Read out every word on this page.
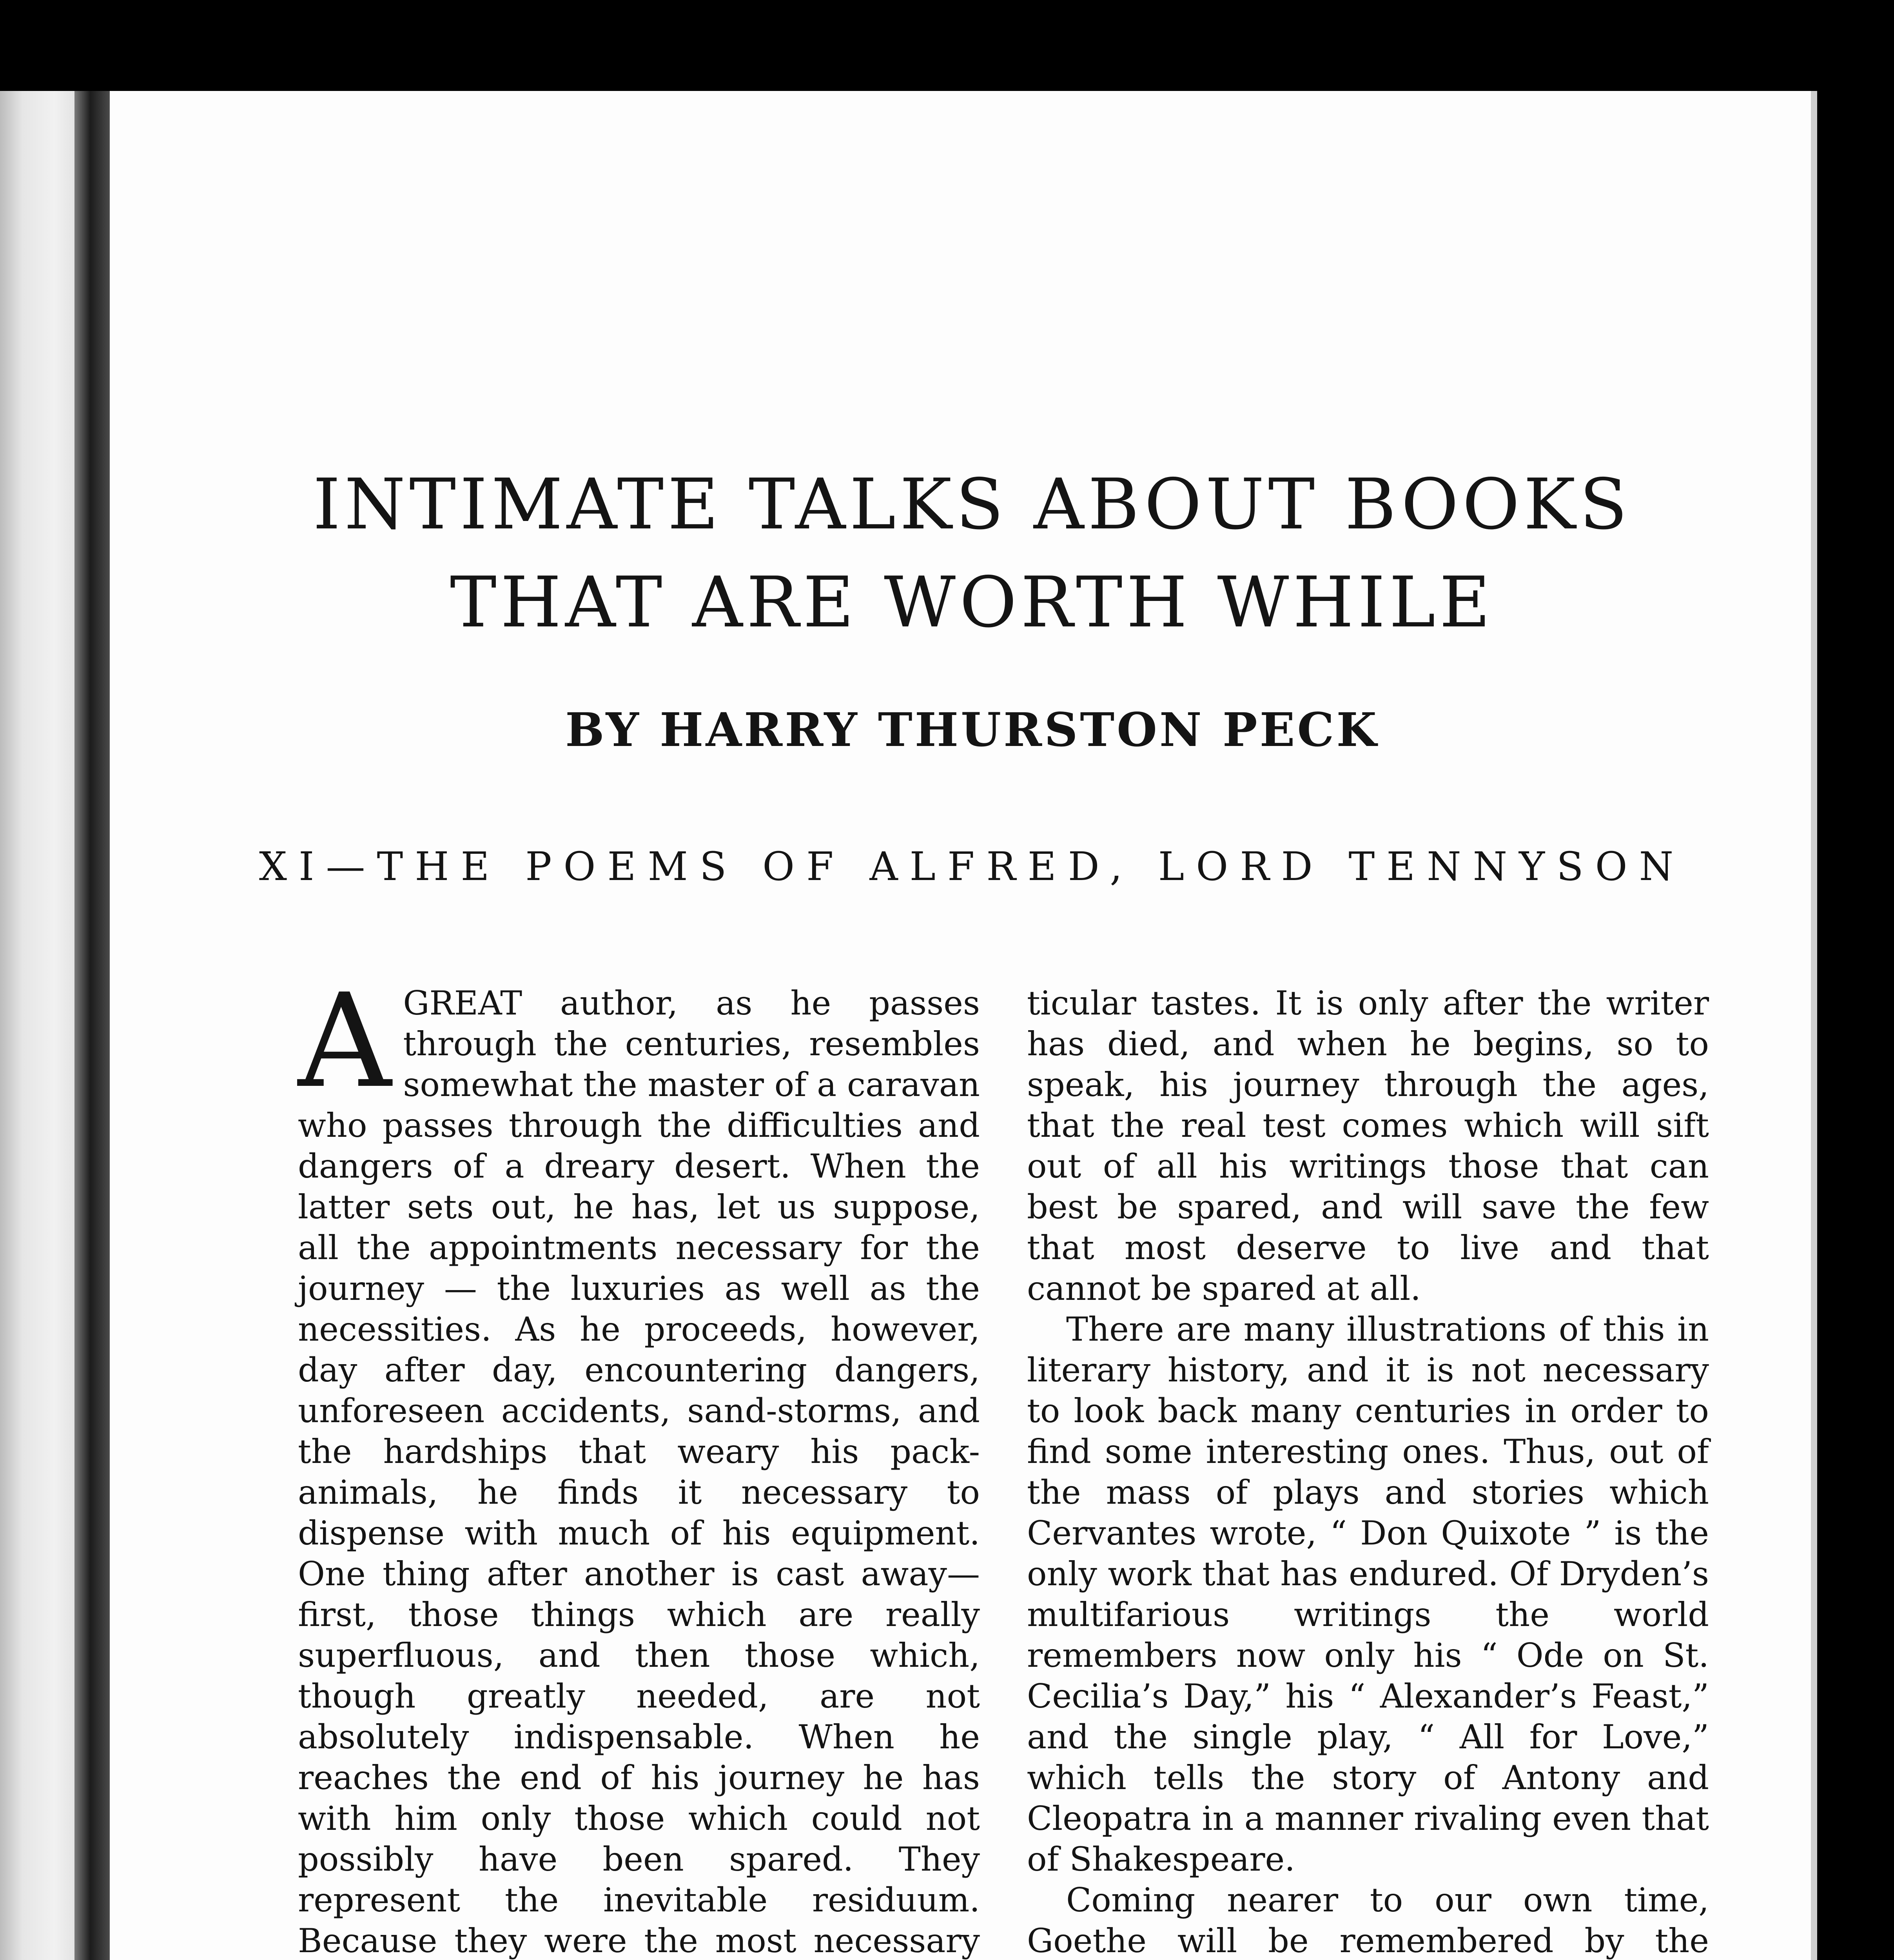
INTIMATE TALKS ABOUT BOOKS
THAT ARE WORTH WHILE

BY HARRY THURSTON PECK

XI—THE POEMS OF ALFRED, LORD TENNYSON

AGREAT author, as he passes through the centuries, resembles somewhat the master of a caravan who passes through the difficulties and dangers of a dreary desert. When the latter sets out, he has, let us suppose, all the appointments necessary for the journey — the luxuries as well as the necessities. As he proceeds, however, day after day, encountering dangers, unforeseen accidents, sand-storms, and the hardships that weary his pack-animals, he finds it necessary to dispense with much of his equipment. One thing after another is cast away—first, those things which are really superfluous, and then those which, though greatly needed, are not absolutely indispensable. When he reaches the end of his journey he has with him only those which could not possibly have been spared. They represent the inevitable residuum. Because they were the most necessary

ticular tastes. It is only after the writer has died, and when he begins, so to speak, his journey through the ages, that the real test comes which will sift out of all his writings those that can best be spared, and will save the few that most deserve to live and that cannot be spared at all.

There are many illustrations of this in literary history, and it is not necessary to look back many centuries in order to find some interesting ones. Thus, out of the mass of plays and stories which Cervantes wrote, “ Don Quixote ” is the only work that has endured. Of Dryden’s multifarious writings the world remembers now only his “ Ode on St. Cecilia’s Day,” his “ Alexander’s Feast,” and the single play, “ All for Love,” which tells the story of Antony and Cleopatra in a manner rivaling even that of Shakespeare.

Coming nearer to our own time, Goethe will be remembered by the
